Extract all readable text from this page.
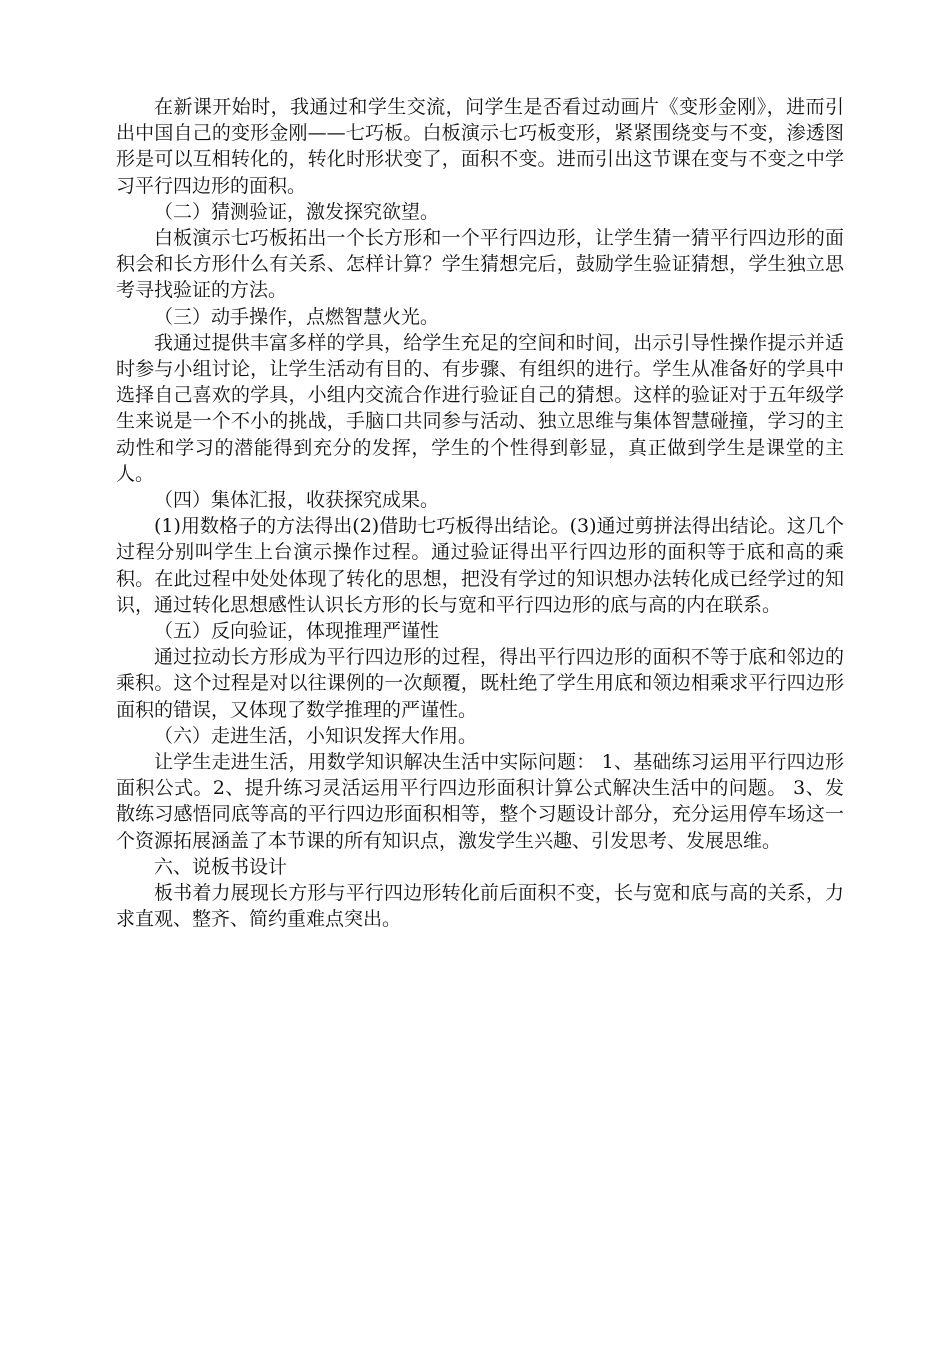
在新课开始时，我通过和学生交流，问学生是否看过动画片《变形金刚》，进而引出中国自己的变形金刚——七巧板。白板演示七巧板变形，紧紧围绕变与不变，渗透图形是可以互相转化的，转化时形状变了，面积不变。进而引出这节课在变与不变之中学习平行四边形的面积。

（二）猜测验证，激发探究欲望。

白板演示七巧板拓出一个长方形和一个平行四边形，让学生猜一猜平行四边形的面积会和长方形什么有关系、怎样计算？学生猜想完后，鼓励学生验证猜想，学生独立思考寻找验证的方法。

（三）动手操作，点燃智慧火光。

我通过提供丰富多样的学具，给学生充足的空间和时间，出示引导性操作提示并适时参与小组讨论，让学生活动有目的、有步骤、有组织的进行。学生从准备好的学具中选择自己喜欢的学具，小组内交流合作进行验证自己的猜想。这样的验证对于五年级学生来说是一个不小的挑战，手脑口共同参与活动、独立思维与集体智慧碰撞，学习的主动性和学习的潜能得到充分的发挥，学生的个性得到彰显，真正做到学生是课堂的主人。

（四）集体汇报，收获探究成果。

(1)用数格子的方法得出(2)借助七巧板得出结论。(3)通过剪拼法得出结论。这几个过程分别叫学生上台演示操作过程。通过验证得出平行四边形的面积等于底和高的乘积。在此过程中处处体现了转化的思想，把没有学过的知识想办法转化成已经学过的知识，通过转化思想感性认识长方形的长与宽和平行四边形的底与高的内在联系。

（五）反向验证，体现推理严谨性

通过拉动长方形成为平行四边形的过程，得出平行四边形的面积不等于底和邻边的乘积。这个过程是对以往课例的一次颠覆，既杜绝了学生用底和领边相乘求平行四边形面积的错误，又体现了数学推理的严谨性。

（六）走进生活，小知识发挥大作用。

让学生走进生活，用数学知识解决生活中实际问题： 1、基础练习运用平行四边形面积公式。2、提升练习灵活运用平行四边形面积计算公式解决生活中的问题。 3、发散练习感悟同底等高的平行四边形面积相等，整个习题设计部分，充分运用停车场这一个资源拓展涵盖了本节课的所有知识点，激发学生兴趣、引发思考、发展思维。

六、说板书设计

板书着力展现长方形与平行四边形转化前后面积不变，长与宽和底与高的关系，力求直观、整齐、简约重难点突出。
